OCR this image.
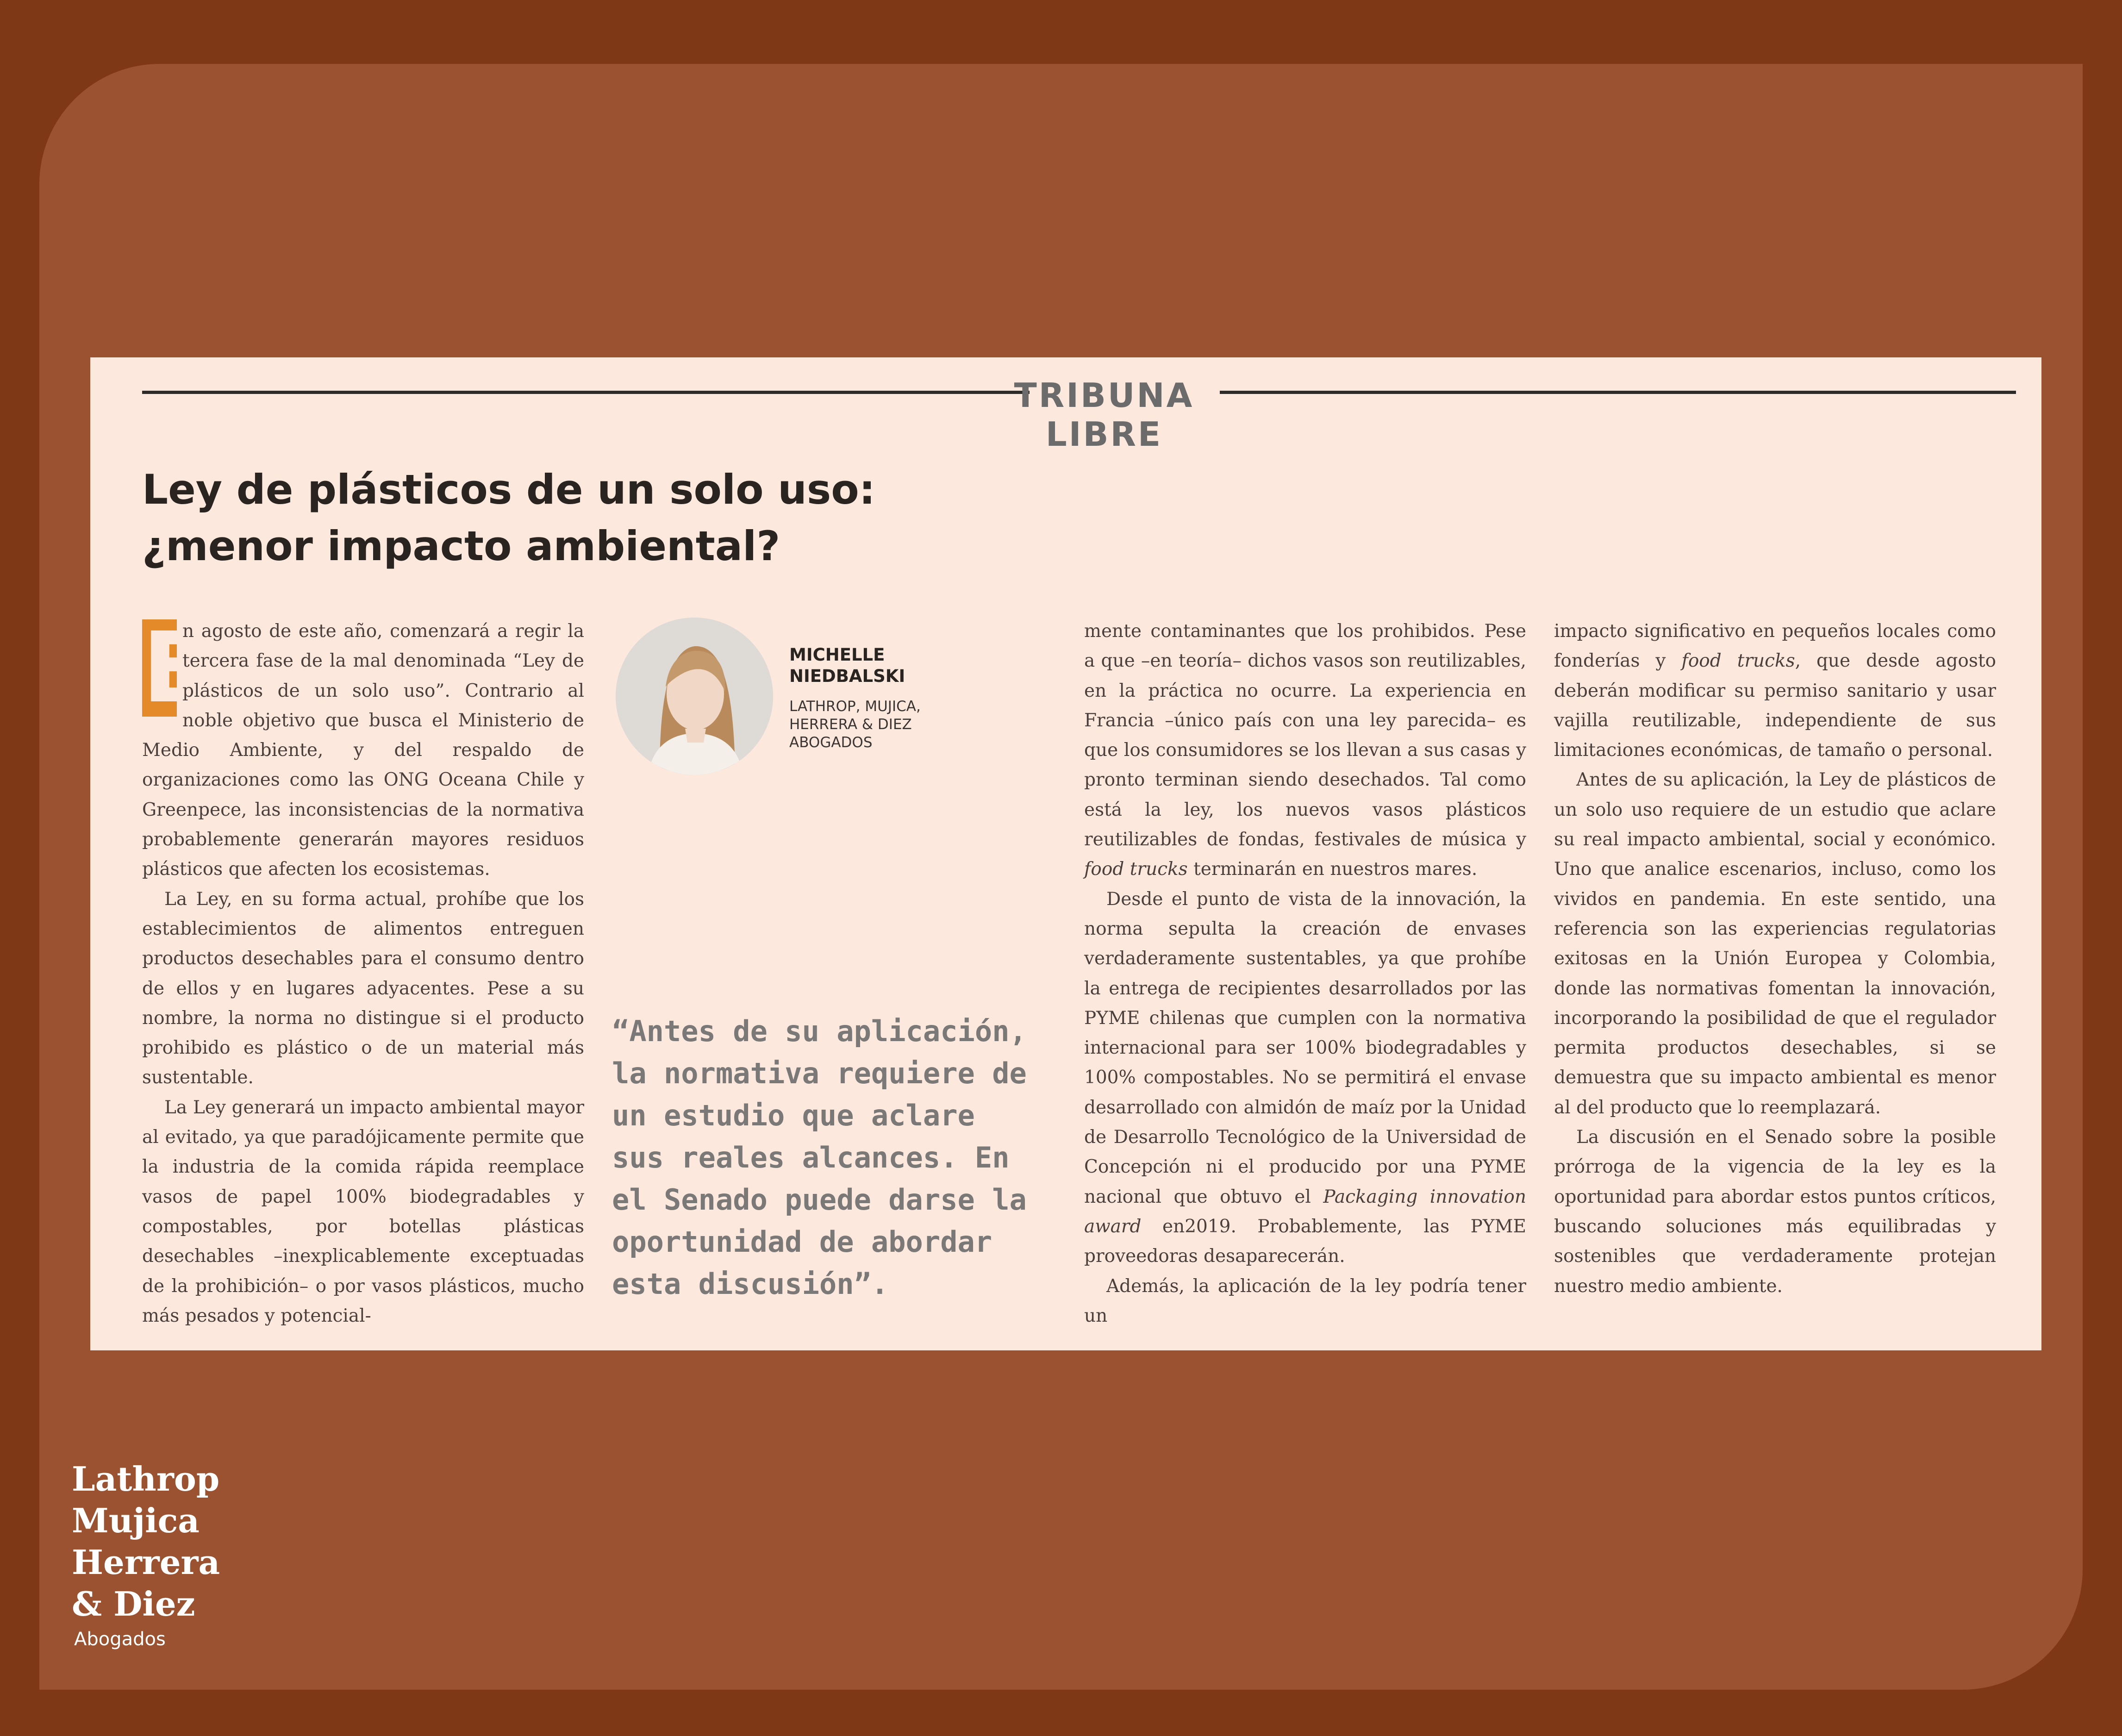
TRIBUNA LIBRE
Ley de plásticos de un solo uso:
¿menor impacto ambiental?

E
n agosto de este año, comenzará a regir la tercera fase de la mal denominada “Ley de plásticos de un solo uso”. Contrario al noble objetivo que busca el Ministerio de Medio Ambiente, y del respaldo de organizaciones como las ONG Oceana Chile y Greenpece, las inconsistencias de la normativa probablemente generarán mayores residuos plásticos que afecten los ecosistemas.

La Ley, en su forma actual, prohíbe que los establecimientos de alimentos entreguen productos desechables para el consumo dentro de ellos y en lugares adyacentes. Pese a su nombre, la norma no distingue si el producto prohibido es plástico o de un material más sustentable.

La Ley generará un impacto ambiental mayor al evitado, ya que paradójicamente permite que la industria de la comida rápida reemplace vasos de papel 100% biodegradables y compostables, por botellas plásticas desechables –inexplicablemente exceptuadas de la prohibición– o por vasos plásticos, mucho más pesados y potencial-

MICHELLE
NIEDBALSKI

LATHROP, MUJICA,
HERRERA & DIEZ
ABOGADOS

“Antes de su aplicación, la normativa requiere de un estudio que aclare sus reales alcances. En el Senado puede darse la oportunidad de abordar esta discusión”.

mente contaminantes que los prohibidos. Pese a que –en teoría– dichos vasos son reutilizables, en la práctica no ocurre. La experiencia en Francia –único país con una ley parecida– es que los consumidores se los llevan a sus casas y pronto terminan siendo desechados. Tal como está la ley, los nuevos vasos plásticos reutilizables de fondas, festivales de música y food trucks terminarán en nuestros mares.

Desde el punto de vista de la innovación, la norma sepulta la creación de envases verdaderamente sustentables, ya que prohíbe la entrega de recipientes desarrollados por las PYME chilenas que cumplen con la normativa internacional para ser 100% biodegradables y 100% compostables. No se permitirá el envase desarrollado con almidón de maíz por la Unidad de Desarrollo Tecnológico de la Universidad de Concepción ni el producido por una PYME nacional que obtuvo el Packaging innovation award en2019. Probablemente, las PYME proveedoras desaparecerán.

Además, la aplicación de la ley podría tener un

impacto significativo en pequeños locales como fonderías y food trucks, que desde agosto deberán modificar su permiso sanitario y usar vajilla reutilizable, independiente de sus limitaciones económicas, de tamaño o personal.

Antes de su aplicación, la Ley de plásticos de un solo uso requiere de un estudio que aclare su real impacto ambiental, social y económico. Uno que analice escenarios, incluso, como los vividos en pandemia. En este sentido, una referencia son las experiencias regulatorias exitosas en la Unión Europea y Colombia, donde las normativas fomentan la innovación, incorporando la posibilidad de que el regulador permita productos desechables, si se demuestra que su impacto ambiental es menor al del producto que lo reemplazará.

La discusión en el Senado sobre la posible prórroga de la vigencia de la ley es la oportunidad para abordar estos puntos críticos, buscando soluciones más equilibradas y sostenibles que verdaderamente protejan nuestro medio ambiente.

Lathrop
Mujica
Herrera
& Diez

Abogados
